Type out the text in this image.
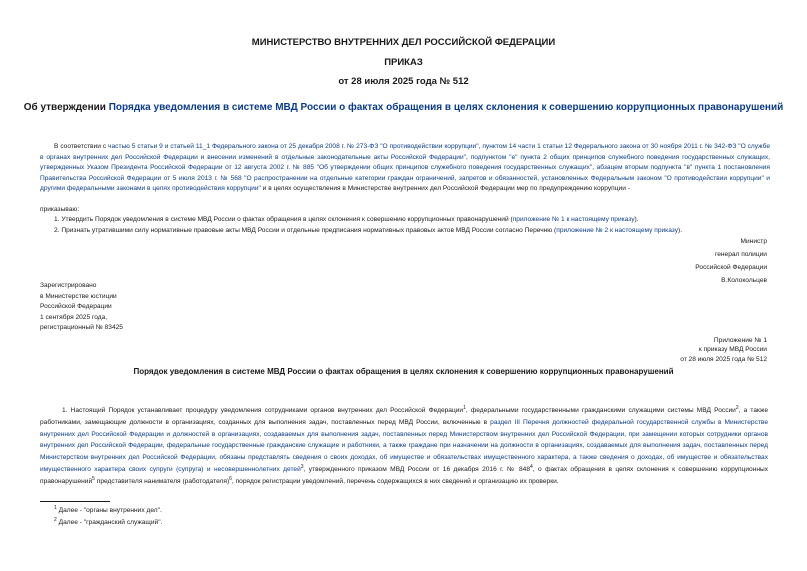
МИНИСТЕРСТВО ВНУТРЕННИХ ДЕЛ РОССИЙСКОЙ ФЕДЕРАЦИИ
ПРИКАЗ
от 28 июля 2025 года № 512
Об утверждении Порядка уведомления в системе МВД России о фактах обращения в целях склонения к совершению коррупционных правонарушений
В соответствии с частью 5 статьи 9 и статьей 11_1 Федерального закона от 25 декабря 2008 г. № 273-ФЗ "О противодействии коррупции", пунктом 14 части 1 статьи 12 Федерального закона от 30 ноября 2011 г. № 342-ФЗ "О службе в органах внутренних дел Российской Федерации и внесении изменений в отдельные законодательные акты Российской Федерации", подпунктом "е" пункта 2 общих принципов служебного поведения государственных служащих, утвержденных Указом Президента Российской Федерации от 12 августа 2002 г. № 885 "Об утверждении общих принципов служебного поведения государственных служащих", абзацем вторым подпункта "в" пункта 1 постановления Правительства Российской Федерации от 5 июля 2013 г. № 568 "О распространении на отдельные категории граждан ограничений, запретов и обязанностей, установленных Федеральным законом "О противодействии коррупции" и другими федеральными законами в целях противодействия коррупции" и в целях осуществления в Министерстве внутренних дел Российской Федерации мер по предупреждению коррупции -
приказываю:
1. Утвердить Порядок уведомления в системе МВД России о фактах обращения в целях склонения к совершению коррупционных правонарушений (приложение № 1 к настоящему приказу).
2. Признать утратившими силу нормативные правовые акты МВД России и отдельные предписания нормативных правовых актов МВД России согласно Перечню (приложение № 2 к настоящему приказу).
Министр
генерал полиции
Российской Федерации
В.Колокольцев
Зарегистрировано
в Министерстве юстиции
Российской Федерации
1 сентября 2025 года,
регистрационный № 83425
Приложение № 1
к приказу МВД России
от 28 июля 2025 года № 512
Порядок уведомления в системе МВД России о фактах обращения в целях склонения к совершению коррупционных правонарушений
1. Настоящий Порядок устанавливает процедуру уведомления сотрудниками органов внутренних дел Российской Федерации$^1$, федеральными государственными гражданскими служащими системы МВД России$^2$, а также работниками, замещающие должности в организациях, созданных для выполнения задач, поставленных перед МВД России, включенные в раздел III Перечня должностей федеральной государственной службы в Министерстве внутренних дел Российской Федерации и должностей в организациях, создаваемых для выполнения задач, поставленных перед Министерством внутренних дел Российской Федерации, при замещении которых сотрудники органов внутренних дел Российской Федерации, федеральные государственные гражданские служащие и работники, а также граждане при назначении на должности в организациях, создаваемых для выполнения задач, поставленных перед Министерством внутренних дел Российской Федерации, обязаны представлять сведения о своих доходах, об имуществе и обязательствах имущественного характера, а также сведения о доходах, об имуществе и обязательствах имущественного характера своих супруги (супруга) и несовершеннолетних детей$^3$, утвержденного приказом МВД России от 16 декабря 2016 г. № $848^4$, о фактах обращения в целях склонения к совершению коррупционных правонарушений$^5$ представителя нанимателя (работодателя)$^6$, порядок регистрации уведомлений, перечень содержащихся в них сведений и организацию их проверки.
$^1$ Далее - "органы внутренних дел".
$^2$ Далее - "гражданский служащий".
